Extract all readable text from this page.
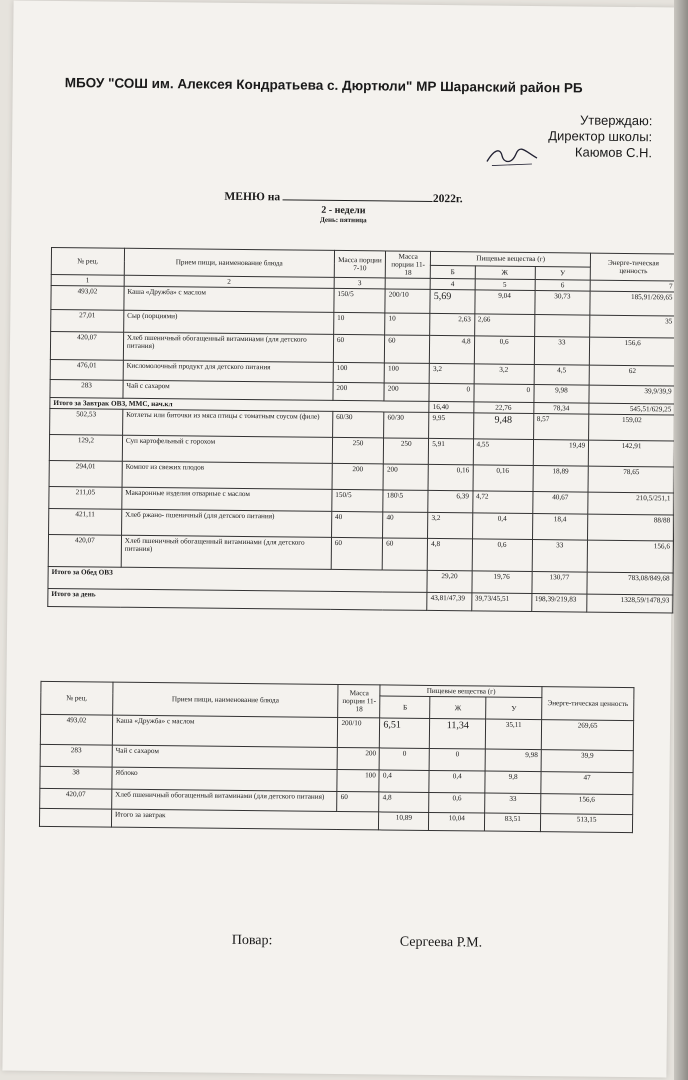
МБОУ "СОШ им. Алексея Кондратьева с. Дюртюли" МР Шаранский район РБ
Утверждаю:
Директор школы:
Каюмов С.Н.
МЕНЮ на	2022г.
2 - недели
День: пятница
№ рец.	Прием пищи, наименование блюда	Масса порции 7-10	Масса порции 11-18	Пищевые вещества (г)			Энерге-тическая ценность
				Б	Ж	У	
1	2	3		4	5	6	7
493,02	Каша «Дружба» с маслом	150/5	200/10	5,69	9,04	30,73	185,91/269,65
27,01	Сыр (порциями)	10	10	2,63	2,66		35
420,07	Хлеб пшеничный обогащенный витаминами (для детского питания)	60	60	4,8	0,6	33	156,6
476,01	Кисломолочный продукт для детского питания	100	100	3,2	3,2	4,5	62
283	Чай с сахаром	200	200	0	0	9,98	39,9/39,9
Итого за Завтрак ОВЗ, ММС, нач.кл				16,40	22,76	78,34	545,51/629,25
502,53	Котлеты или биточки из мяса птицы с томатным соусом (филе)	60/30	60/30	9,95	9,48	8,57	159,02
129,2	Суп картофельный с горохом	250	250	5,91	4,55	19,49	142,91
294,01	Компот из свежих плодов	200	200	0,16	0,16	18,89	78,65
211,05	Макаронные изделия отварные с маслом	150/5	180\5	6,39	4,72	40,67	210,5/251,1
421,11	Хлеб ржано- пшеничный (для детского питания)	40	40	3,2	0,4	18,4	88/88
420,07	Хлеб пшеничный обогащенный витаминами (для детского питания)	60	60	4,8	0,6	33	156,6
Итого за Обед ОВЗ				29,20	19,76	130,77	783,08/849,68
Итого за день				43,81/47,39	39,73/45,51	198,39/219,83	1328,59/1478,93
№ рец.	Прием пищи, наименование блюда	Масса порции 11-18	Пищевые вещества (г)			Энерге-тическая ценность
			Б	Ж	У	
493,02	Каша «Дружба» с маслом	200/10	6,51	11,34	35,11	269,65
283	Чай с сахаром	200	0	0	9,98	39,9
38	Яблоко	100	0,4	0,4	9,8	47
420,07	Хлеб пшеничный обогащенный витаминами (для детского питания)	60	4,8	0,6	33	156,6
	Итого за завтрак		10,89	10,04	83,51	513,15
Повар:	Сергеева Р.М.
